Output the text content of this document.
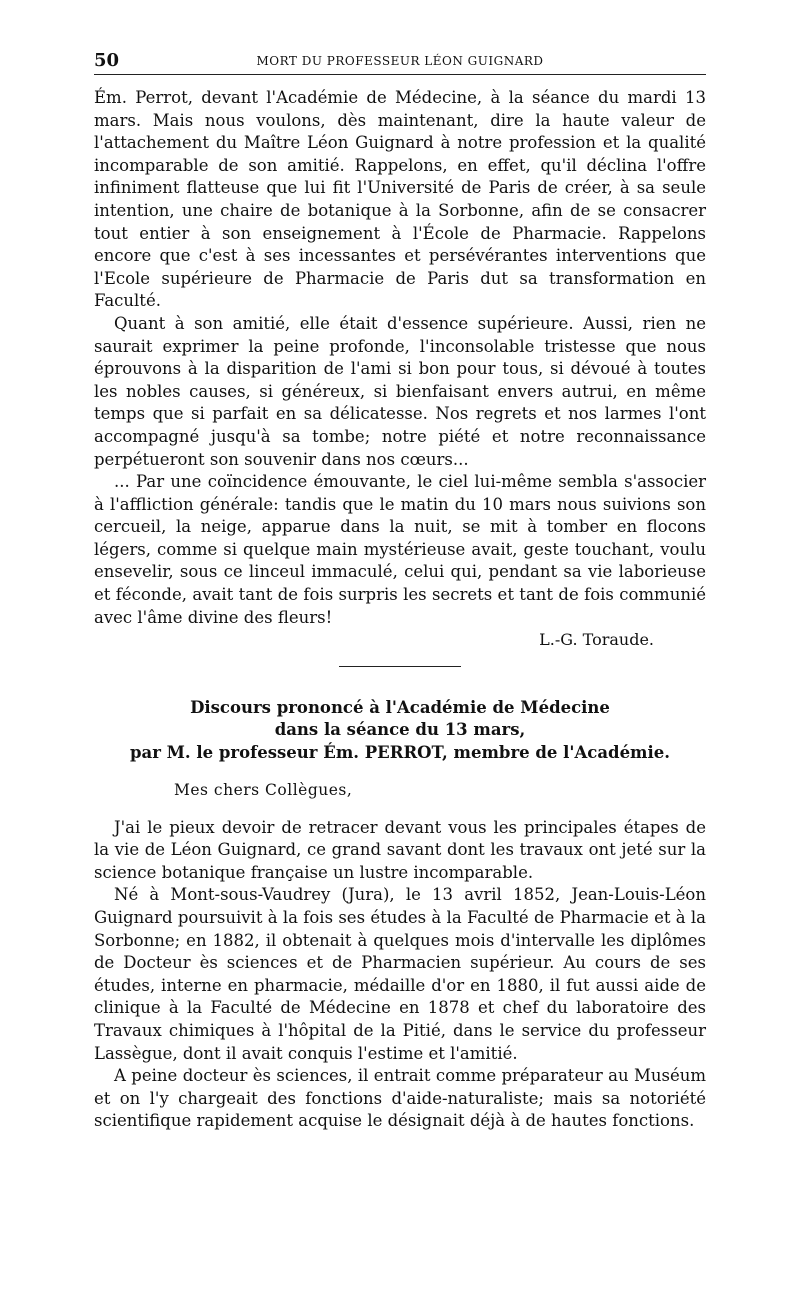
50	MORT DU PROFESSEUR LÉON GUIGNARD

Ém. Perrot, devant l'Académie de Médecine, à la séance du mardi 13 mars. Mais nous voulons, dès maintenant, dire la haute valeur de l'attachement du Maître Léon Guignard à notre profession et la qualité incomparable de son amitié. Rappelons, en effet, qu'il déclina l'offre infiniment flatteuse que lui fit l'Université de Paris de créer, à sa seule intention, une chaire de botanique à la Sorbonne, afin de se consacrer tout entier à son enseignement à l'École de Pharmacie. Rappelons encore que c'est à ses incessantes et persévérantes interventions que l'Ecole supérieure de Pharmacie de Paris dut sa transformation en Faculté.

Quant à son amitié, elle était d'essence supérieure. Aussi, rien ne saurait exprimer la peine profonde, l'inconsolable tristesse que nous éprouvons à la disparition de l'ami si bon pour tous, si dévoué à toutes les nobles causes, si généreux, si bienfaisant envers autrui, en même temps que si parfait en sa délicatesse. Nos regrets et nos larmes l'ont accompagné jusqu'à sa tombe; notre piété et notre reconnaissance perpétueront son souvenir dans nos cœurs...

... Par une coïncidence émouvante, le ciel lui-même sembla s'associer à l'affliction générale: tandis que le matin du 10 mars nous suivions son cercueil, la neige, apparue dans la nuit, se mit à tomber en flocons légers, comme si quelque main mystérieuse avait, geste touchant, voulu ensevelir, sous ce linceul immaculé, celui qui, pendant sa vie laborieuse et féconde, avait tant de fois surpris les secrets et tant de fois communié avec l'âme divine des fleurs!

L.-G. Toraude.
Discours prononcé à l'Académie de Médecine
dans la séance du 13 mars,
par M. le professeur Ém. PERROT, membre de l'Académie.
Mes chers Collègues,

J'ai le pieux devoir de retracer devant vous les principales étapes de la vie de Léon Guignard, ce grand savant dont les travaux ont jeté sur la science botanique française un lustre incomparable.

Né à Mont-sous-Vaudrey (Jura), le 13 avril 1852, Jean-Louis-Léon Guignard poursuivit à la fois ses études à la Faculté de Pharmacie et à la Sorbonne; en 1882, il obtenait à quelques mois d'intervalle les diplômes de Docteur ès sciences et de Pharmacien supérieur. Au cours de ses études, interne en pharmacie, médaille d'or en 1880, il fut aussi aide de clinique à la Faculté de Médecine en 1878 et chef du laboratoire des Travaux chimiques à l'hôpital de la Pitié, dans le service du professeur Lassègue, dont il avait conquis l'estime et l'amitié.

A peine docteur ès sciences, il entrait comme préparateur au Muséum et on l'y chargeait des fonctions d'aide-naturaliste; mais sa notoriété scientifique rapidement acquise le désignait déjà à de hautes fonctions.
